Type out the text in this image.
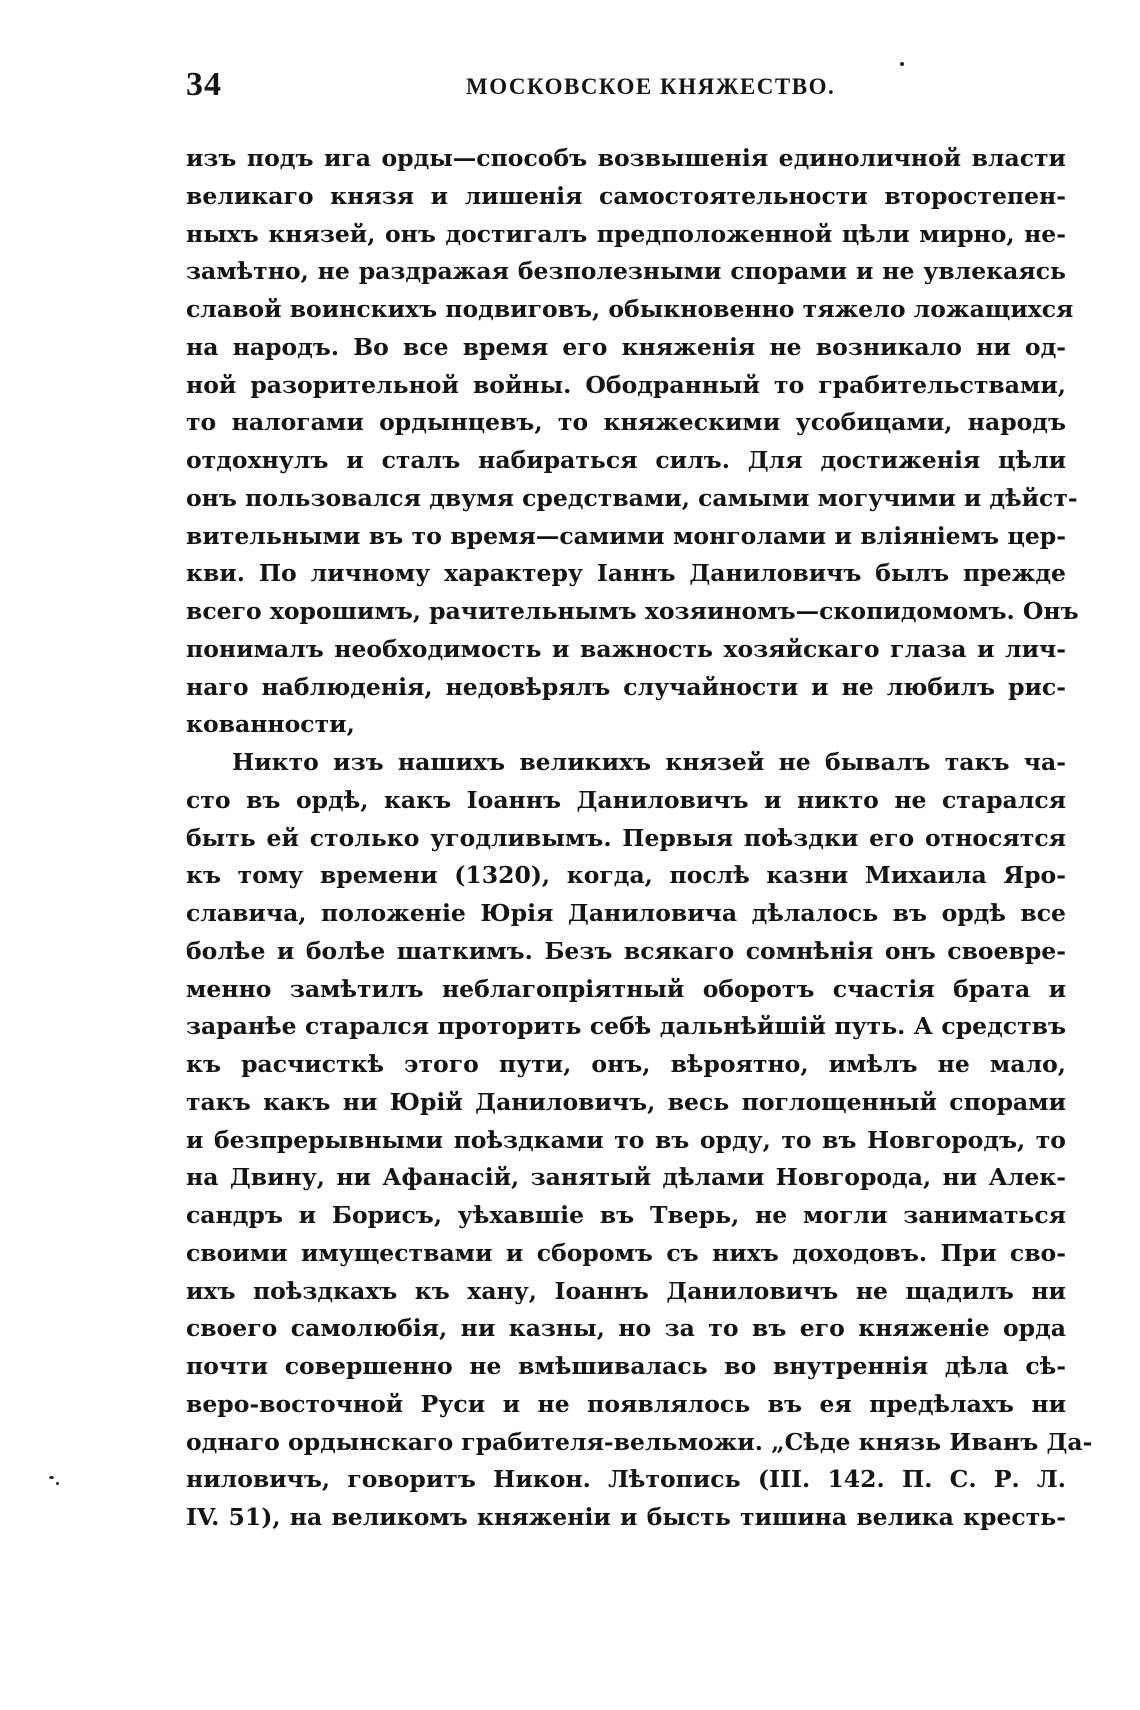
34	МОСКОВСКОЕ КНЯЖЕСТВО.
изъ подъ ига орды—способъ возвышенія единоличной власти
великаго князя и лишенія самостоятельности второстепен-
ныхъ князей, онъ достигалъ предположенной цѣли мирно, не-
замѣтно, не раздражая безполезными спорами и не увлекаясь
славой воинскихъ подвиговъ, обыкновенно тяжело ложащихся
на народъ. Во все время его княженія не возникало ни од-
ной разорительной войны. Ободранный то грабительствами,
то налогами ордынцевъ, то княжескими усобицами, народъ
отдохнулъ и сталъ набираться силъ. Для достиженія цѣли
онъ пользовался двумя средствами, самыми могучими и дѣйст-
вительными въ то время—самими монголами и вліяніемъ цер-
кви. По личному характеру Іаннъ Даниловичъ былъ прежде
всего хорошимъ, рачительнымъ хозяиномъ—скопидомомъ. Онъ
понималъ необходимость и важность хозяйскаго глаза и лич-
наго наблюденія, недовѣрялъ случайности и не любилъ рис-
кованности,
Никто изъ нашихъ великихъ князей не бывалъ такъ ча-
сто въ ордѣ, какъ Іоаннъ Даниловичъ и никто не старался
быть ей столько угодливымъ. Первыя поѣздки его относятся
къ тому времени (1320), когда, послѣ казни Михаила Яро-
славича, положеніе Юрія Даниловича дѣлалось въ ордѣ все
болѣе и болѣе шаткимъ. Безъ всякаго сомнѣнія онъ своевре-
менно замѣтилъ неблагопріятный оборотъ счастія брата и
заранѣе старался проторить себѣ дальнѣйшій путь. А средствъ
къ расчисткѣ этого пути, онъ, вѣроятно, имѣлъ не мало,
такъ какъ ни Юрій Даниловичъ, весь поглощенный спорами
и безпрерывными поѣздками то въ орду, то въ Новгородъ, то
на Двину, ни Афанасій, занятый дѣлами Новгорода, ни Алек-
сандръ и Борисъ, уѣхавшіе въ Тверь, не могли заниматься
своими имуществами и сборомъ съ нихъ доходовъ. При сво-
ихъ поѣздкахъ къ хану, Іоаннъ Даниловичъ не щадилъ ни
своего самолюбія, ни казны, но за то въ его княженіе орда
почти совершенно не вмѣшивалась во внутреннія дѣла сѣ-
веро-восточной Руси и не появлялось въ ея предѣлахъ ни
однаго ордынскаго грабителя-вельможи. „Сѣде князь Иванъ Да-
ниловичъ, говоритъ Никон. Лѣтопись (III. 142. П. С. Р. Л.
IV. 51), на великомъ княженіи и бысть тишина велика кресть-
